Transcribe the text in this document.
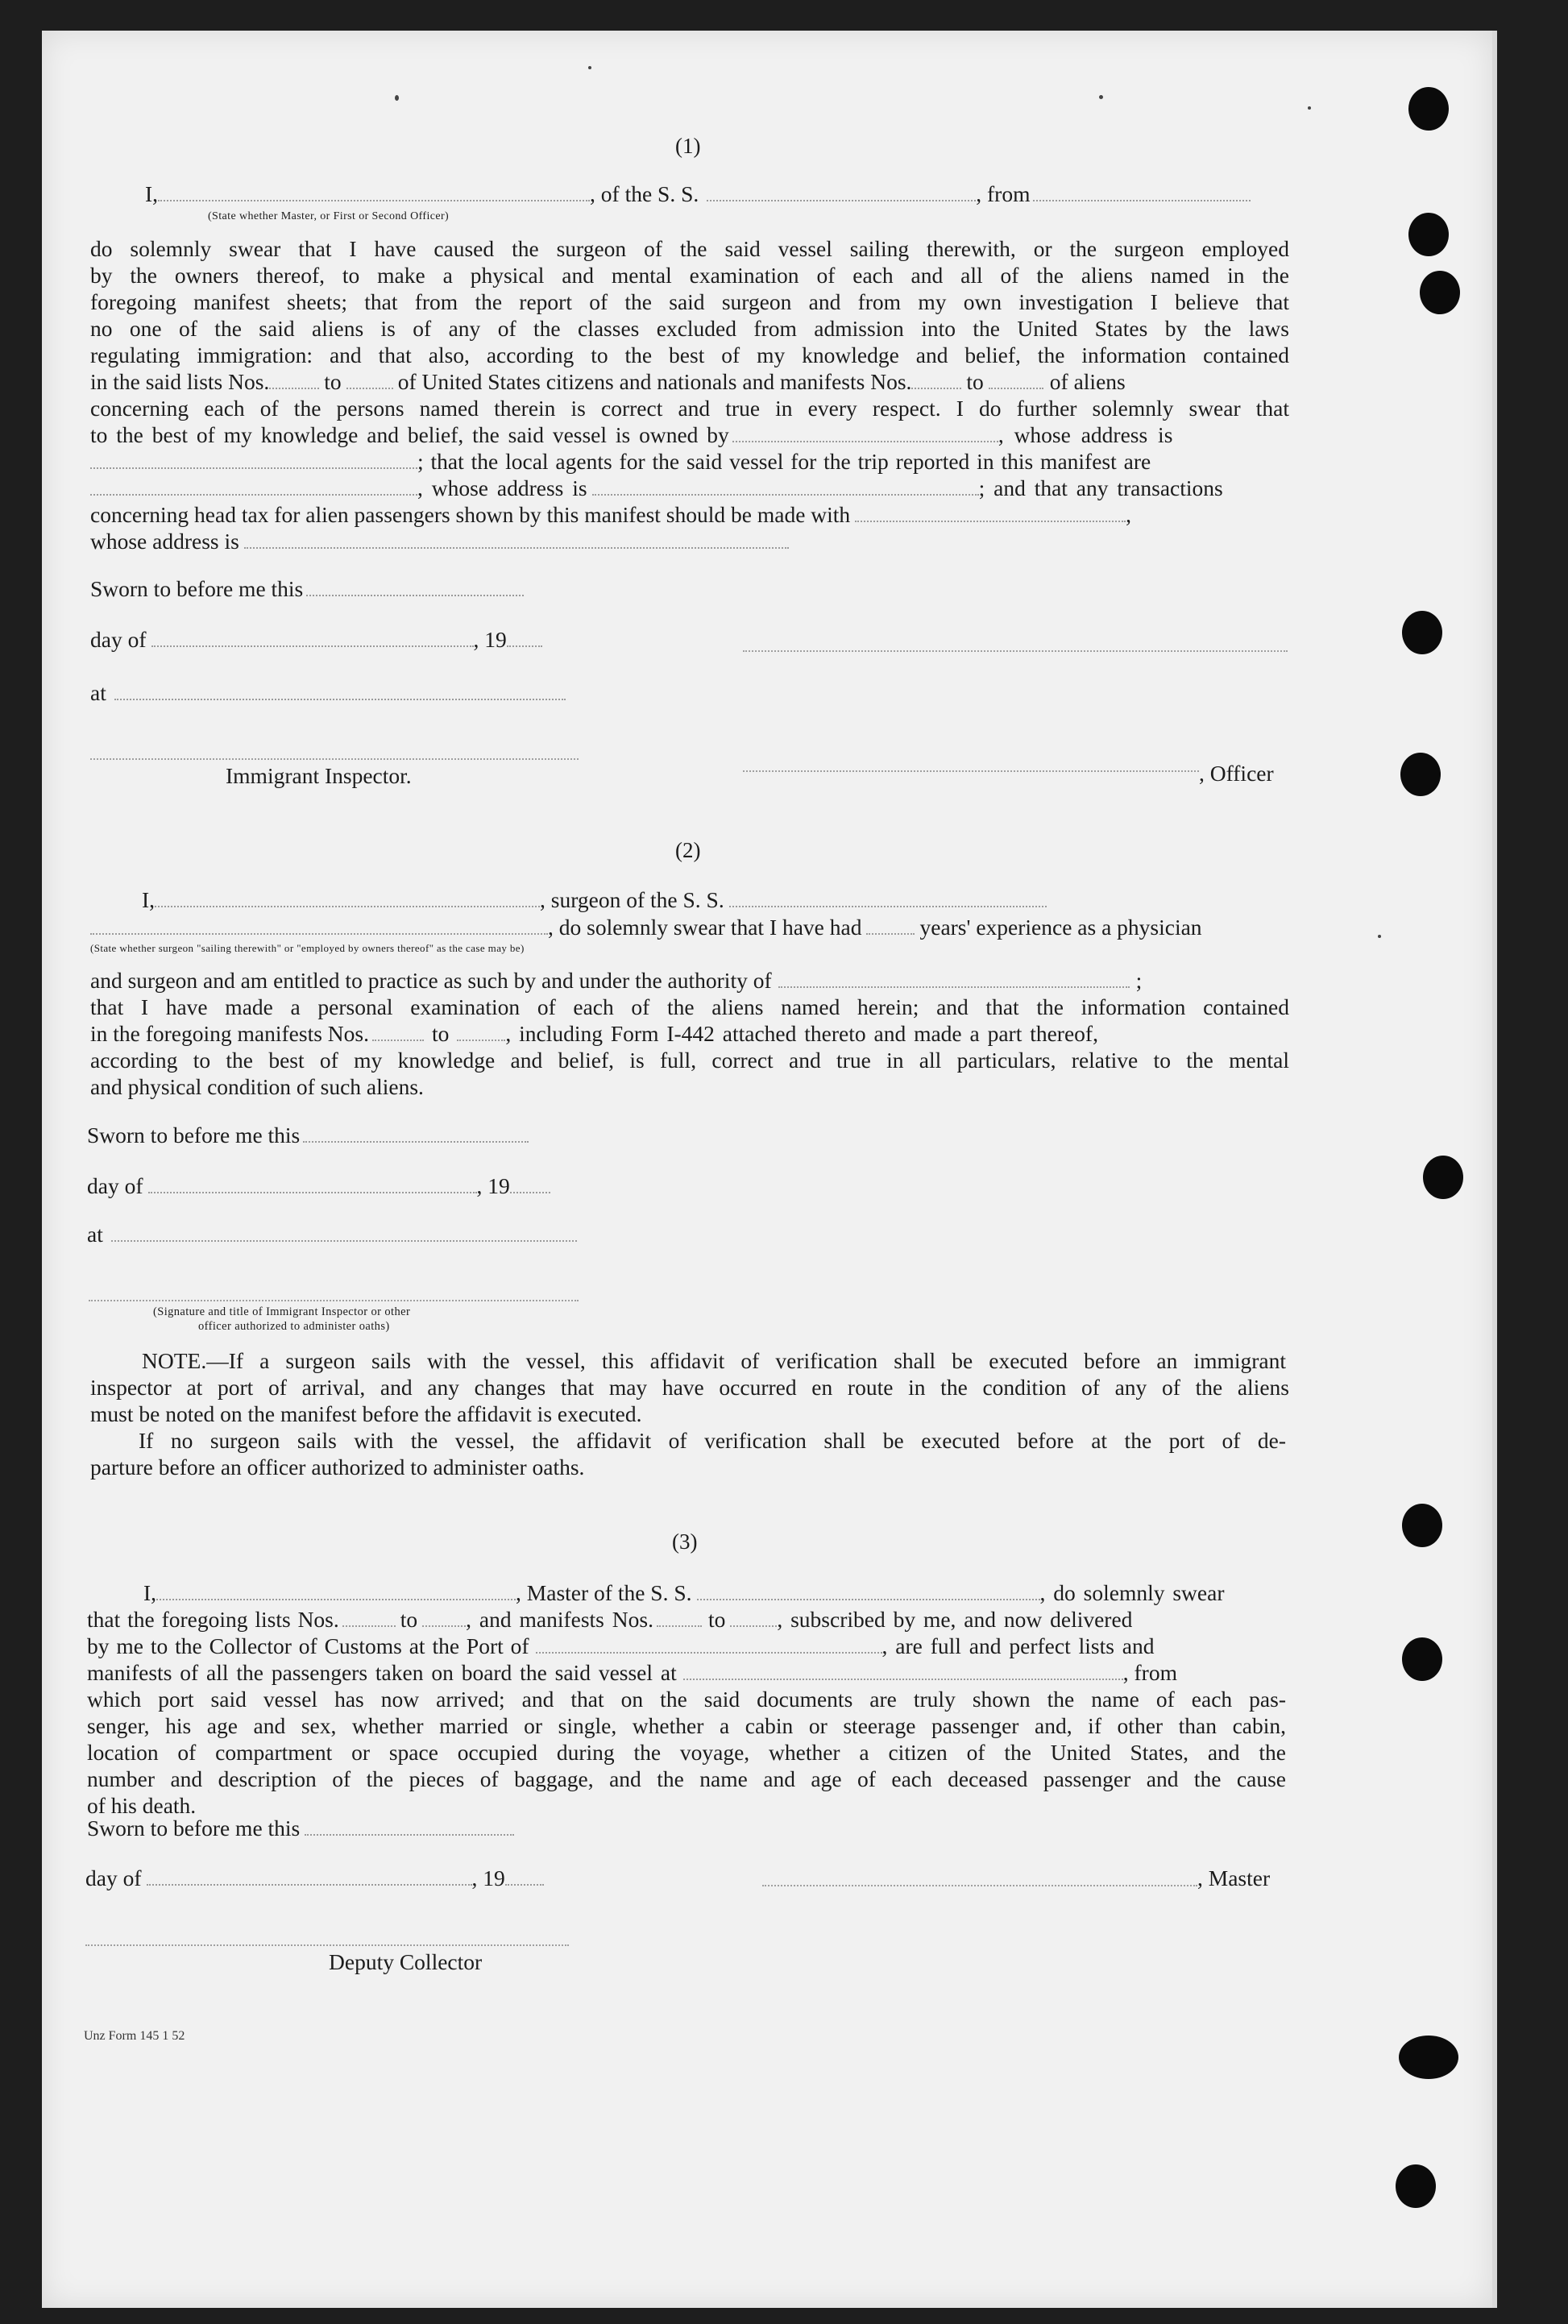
(1)
I,	, of the S. S.	, from
(State whether Master, or First or Second Officer)
do solemnly swear that I have caused the surgeon of the said vessel sailing therewith, or the surgeon employed
by the owners thereof, to make a physical and mental examination of each and all of the aliens named in the
foregoing manifest sheets; that from the report of the said surgeon and from my own investigation I believe that
no one of the said aliens is of any of the classes excluded from admission into the United States by the laws
regulating immigration: and that also, according to the best of my knowledge and belief, the information contained
in the said lists Nos. to	of United States citizens and nationals and manifests Nos. to	of aliens
concerning each of the persons named therein is correct and true in every respect. I do further solemnly swear that
to the best of my knowledge and belief, the said vessel is owned by	, whose address is
; that the local agents for the said vessel for the trip reported in this manifest are
, whose address is	; and that any transactions
concerning head tax for alien passengers shown by this manifest should be made with	,
whose address is
Sworn to before me this
day of	, 19
at
, Officer
Immigrant Inspector.
(2)
I,	, surgeon of the S. S.
, do solemnly swear that I have had	years' experience as a physician
(State whether surgeon "sailing therewith" or "employed by owners thereof" as the case may be)
and surgeon and am entitled to practice as such by and under the authority of	;
that I have made a personal examination of each of the aliens named herein; and that the information contained
in the foregoing manifests Nos.	to	, including Form I-442 attached thereto and made a part thereof,
according to the best of my knowledge and belief, is full, correct and true in all particulars, relative to the mental
and physical condition of such aliens.
Sworn to before me this
day of	, 19
at
(Signature and title of Immigrant Inspector or other
officer authorized to administer oaths)
NOTE.—If a surgeon sails with the vessel, this affidavit of verification shall be executed before an immigrant
inspector at port of arrival, and any changes that may have occurred en route in the condition of any of the aliens
must be noted on the manifest before the affidavit is executed.
If no surgeon sails with the vessel, the affidavit of verification shall be executed before at the port of de-
parture before an officer authorized to administer oaths.
(3)
I,	, Master of the S. S.	, do solemnly swear
that the foregoing lists Nos.	to , and manifests Nos. to , subscribed by me, and now delivered
by me to the Collector of Customs at the Port of	, are full and perfect lists and
manifests of all the passengers taken on board the said vessel at	, from
which port said vessel has now arrived; and that on the said documents are truly shown the name of each pas-
senger, his age and sex, whether married or single, whether a cabin or steerage passenger and, if other than cabin,
location of compartment or space occupied during the voyage, whether a citizen of the United States, and the
number and description of the pieces of baggage, and the name and age of each deceased passenger and the cause
of his death.
Sworn to before me this
day of	, 19	, Master
Deputy Collector
Unz Form 145 1 52
